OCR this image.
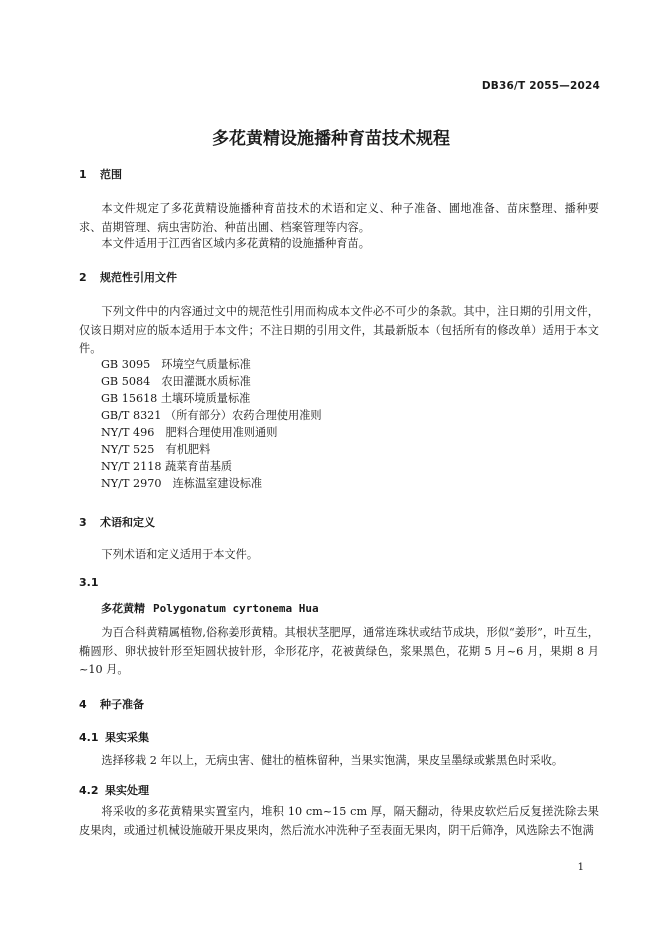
DB36/T 2055—2024
多花黄精设施播种育苗技术规程
1 范围
本文件规定了多花黄精设施播种育苗技术的术语和定义、种子准备、圃地准备、苗床整理、播种要求、苗期管理、病虫害防治、种苗出圃、档案管理等内容。
本文件适用于江西省区域内多花黄精的设施播种育苗。
2 规范性引用文件
下列文件中的内容通过文中的规范性引用而构成本文件必不可少的条款。其中，注日期的引用文件，仅该日期对应的版本适用于本文件；不注日期的引用文件，其最新版本（包括所有的修改单）适用于本文件。
GB 3095　环境空气质量标准
GB 5084　农田灌溉水质标准
GB 15618 土壤环境质量标准
GB/T 8321 （所有部分）农药合理使用准则
NY/T 496　肥料合理使用准则通则
NY/T 525　有机肥料
NY/T 2118 蔬菜育苗基质
NY/T 2970　连栋温室建设标准
3 术语和定义
下列术语和定义适用于本文件。
3.1
多花黄精 Polygonatum cyrtonema Hua
为百合科黄精属植物,俗称姜形黄精。其根状茎肥厚，通常连珠状或结节成块，形似“姜形”，叶互生，椭圆形、卵状披针形至矩圆状披针形，伞形花序，花被黄绿色，浆果黑色，花期 5 月~6 月，果期 8 月~10 月。
4 种子准备
4.1 果实采集
选择移栽 2 年以上，无病虫害、健壮的植株留种，当果实饱满，果皮呈墨绿或紫黑色时采收。
4.2 果实处理
将采收的多花黄精果实置室内，堆积 10 cm~15 cm 厚，隔天翻动，待果皮软烂后反复搓洗除去果皮果肉，或通过机械设施破开果皮果肉，然后流水冲洗种子至表面无果肉，阴干后筛净，风选除去不饱满
1
